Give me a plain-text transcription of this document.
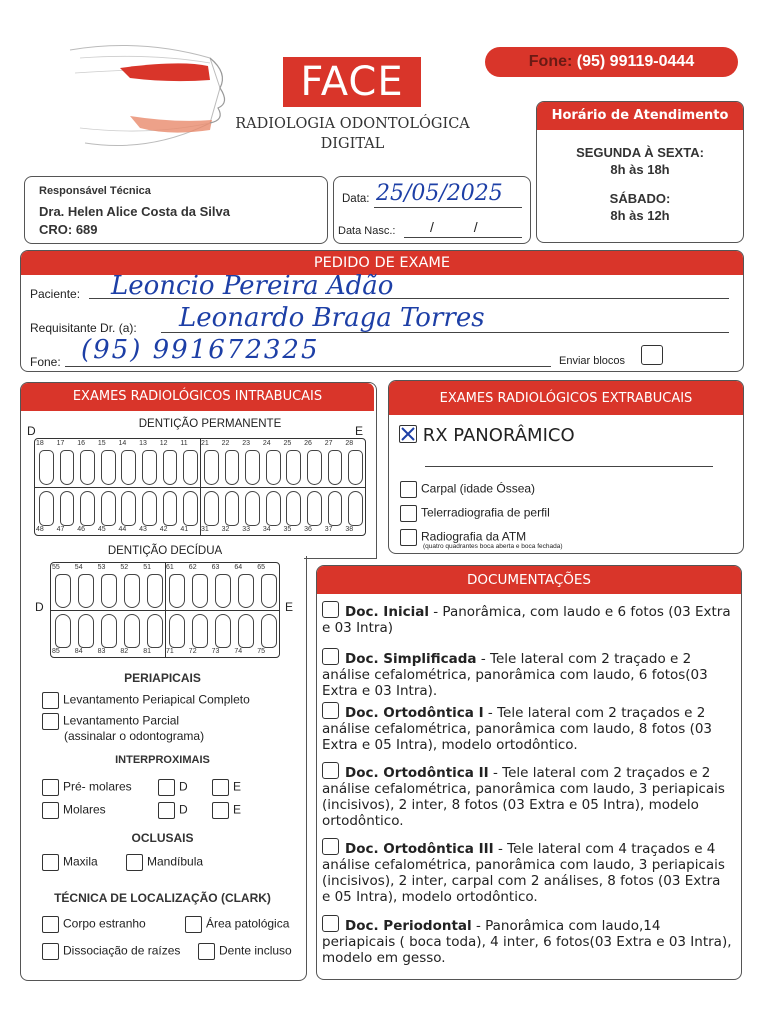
FACE
RADIOLOGIA ODONTOLÓGICA
DIGITAL
Fone: (95) 99119-0444
Horário de Atendimento
SEGUNDA À SEXTA:
8h às 18h
SÁBADO:
8h às 12h
Responsável Técnica
Dra. Helen Alice Costa da Silva
CRO: 689
Data: 25/05/2025
Data Nasc.: / /
PEDIDO DE EXAME
Paciente: Leoncio Pereira Adão
Requisitante Dr. (a): Leonardo Braga Torres
Fone: (95) 991672325	Enviar blocos
EXAMES RADIOLÓGICOS INTRABUCAIS
DENTIÇÃO PERMANENTE
D	E
18 17 16 15 14 13 12 11 21 22 23 24 25 26 27 28
48 47 46 45 44 43 42 41 31 32 33 34 35 36 37 38
DENTIÇÃO DECÍDUA
D	E
55 54 53 52 51 61 62 63 64 65
85 84 83 82 81 71 72 73 74 75
PERIAPICAIS
Levantamento Periapical Completo
Levantamento Parcial
(assinalar o odontograma)
INTERPROXIMAIS
Pré- molares	D	E
Molares	D	E
OCLUSAIS
Maxila	Mandíbula
TÉCNICA DE LOCALIZAÇÃO (CLARK)
Corpo estranho	Área patológica
Dissociação de raízes	Dente incluso
EXAMES RADIOLÓGICOS EXTRABUCAIS
RX PANORÂMICO
Carpal (idade Óssea)
Telerradiografia de perfil
Radiografia da ATM
(quatro quadrantes boca aberta e boca fechada)
DOCUMENTAÇÕES
Doc. Inicial - Panorâmica, com laudo e 6 fotos (03 Extra e 03 Intra)
Doc. Simplificada - Tele lateral com 2 traçado e 2 análise cefalométrica, panorâmica com laudo, 6 fotos(03 Extra e 03 Intra).
Doc. Ortodôntica I - Tele lateral com 2 traçados e 2 análise cefalométrica, panorâmica com laudo, 8 fotos (03 Extra e 05 Intra), modelo ortodôntico.
Doc. Ortodôntica II - Tele lateral com 2 traçados e 2 análise cefalométrica, panorâmica com laudo, 3 periapicais (incisivos), 2 inter, 8 fotos (03 Extra e 05 Intra), modelo ortodôntico.
Doc. Ortodôntica III - Tele lateral com 4 traçados e 4 análise cefalométrica, panorâmica com laudo, 3 periapicais (incisivos), 2 inter, carpal com 2 análises, 8 fotos (03 Extra e 05 Intra), modelo ortodôntico.
Doc. Periodontal - Panorâmica com laudo,14 periapicais ( boca toda), 4 inter, 6 fotos(03 Extra e 03 Intra), modelo em gesso.
